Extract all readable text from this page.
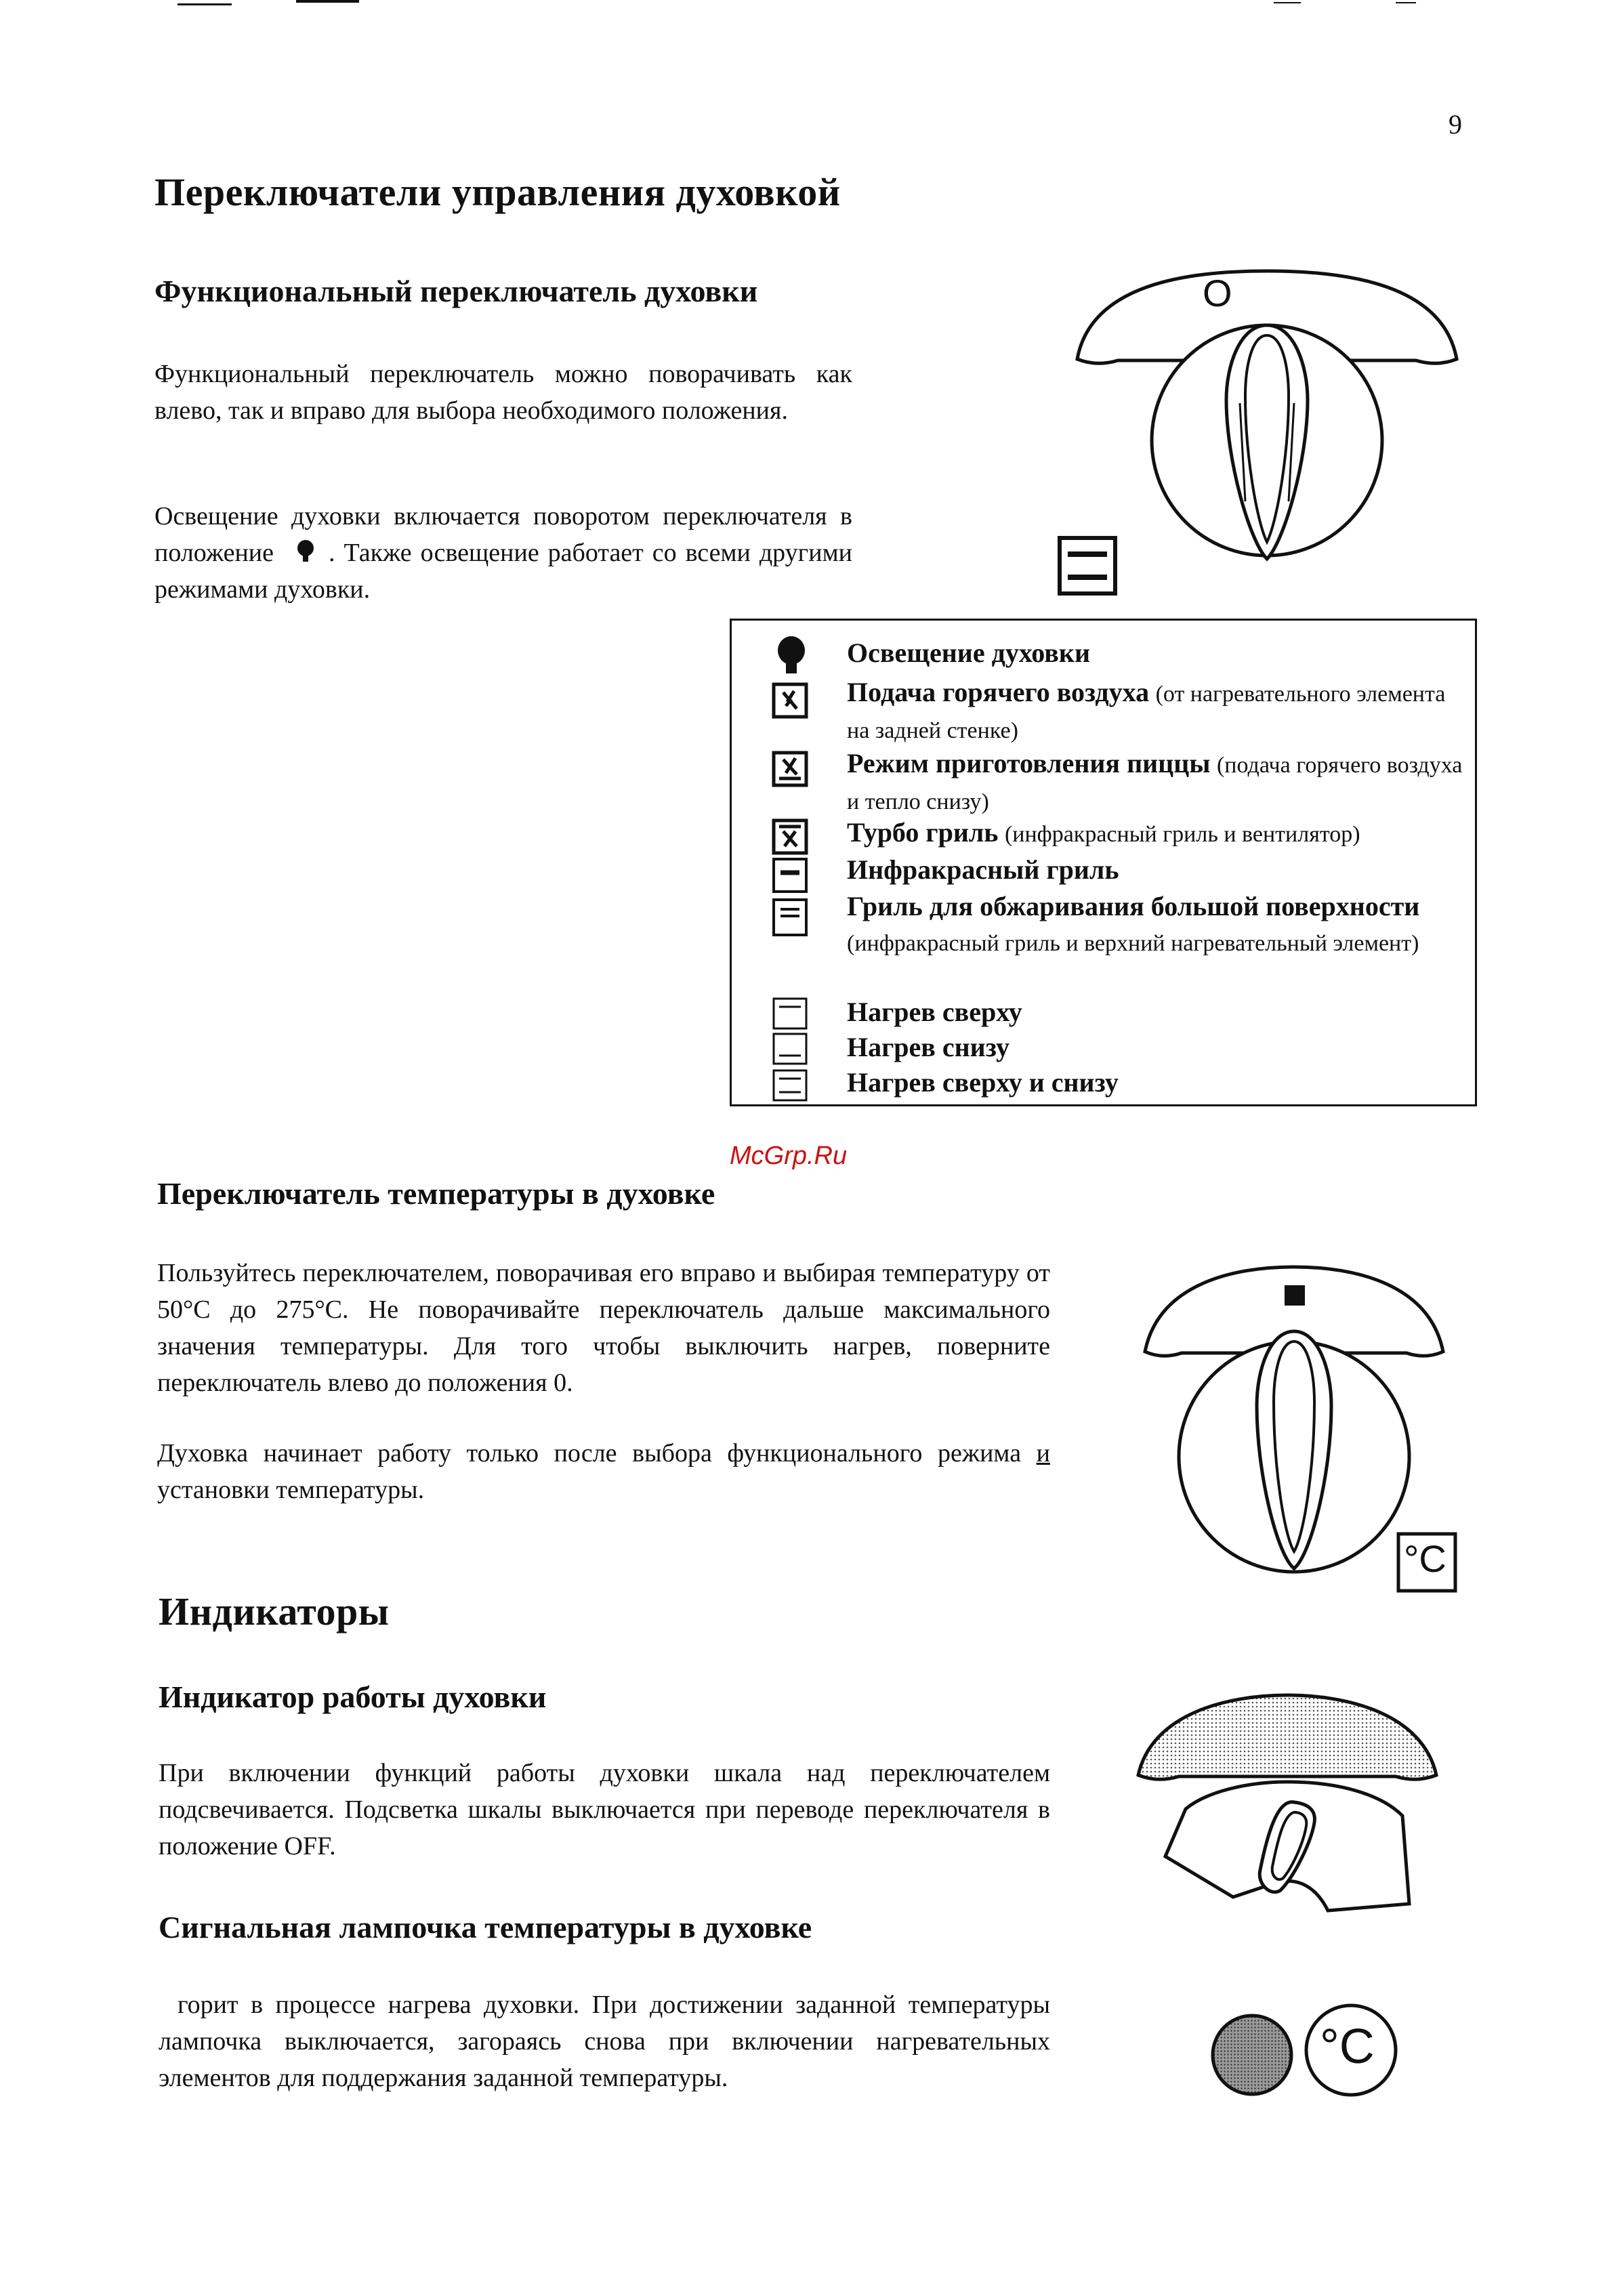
9
Переключатели управления духовкой
Функциональный переключатель духовки

Функциональный переключатель можно поворачивать как влево, так и вправо для выбора необходимого положения.

Освещение духовки включается поворотом переключателя в положение . Также освещение работает со всеми другими режимами духовки.

O
Освещение духовки
Подача горячего воздуха (от нагревательного элемента на задней стенке)
Режим приготовления пиццы (подача горячего воздуха и тепло снизу)
Турбо гриль (инфракрасный гриль и вентилятор)
Инфракрасный гриль
Гриль для обжаривания большой поверхности (инфракрасный гриль и верхний нагревательный элемент)
Нагрев сверху
Нагрев снизу
Нагрев сверху и снизу
McGrp.Ru
Переключатель температуры в духовке

Пользуйтесь переключателем, поворачивая его вправо и выбирая температуру от 50°С до 275°С. Не поворачивайте переключатель дальше максимального значения температуры. Для того чтобы выключить нагрев, поверните переключатель влево до положения 0.

Духовка начинает работу только после выбора функционального режима и установки температуры.

°C
Индикаторы
Индикатор работы духовки

При включении функций работы духовки шкала над переключателем подсвечивается. Подсветка шкалы выключается при переводе переключателя в положение OFF.

Сигнальная лампочка температуры в духовке

горит в процессе нагрева духовки. При достижении заданной температуры лампочка выключается, загораясь снова при включении нагревательных элементов для поддержания заданной температуры.

°C
